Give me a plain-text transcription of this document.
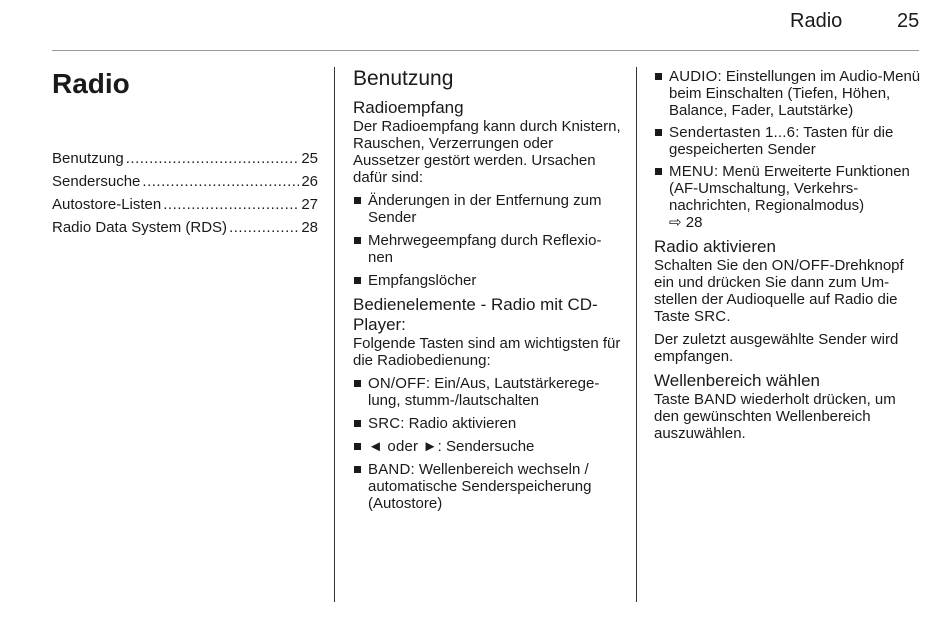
Radio	25
Radio
Benutzung .....	25
Sendersuche .....	26
Autostore-Listen .....	27
Radio Data System (RDS) .....	28
Benutzung
Radioempfang

Der Radioempfang kann durch Knistern, Rauschen, Verzerrungen oder Aussetzer gestört werden. Ursachen dafür sind:

Änderungen in der Entfernung zum Sender
Mehrwegeempfang durch Reflexionen
Empfangslöcher
Bedienelemente - Radio mit CD-Player:

Folgende Tasten sind am wichtigsten für die Radiobedienung:

ON/OFF: Ein/Aus, Lautstärkeregelung, stumm-/lautschalten
SRC: Radio aktivieren
◄ oder ►: Sendersuche
BAND: Wellenbereich wechseln / automatische Senderspeicherung (Autostore)
AUDIO: Einstellungen im Audio-Menü beim Einschalten (Tiefen, Höhen, Balance, Fader, Lautstärke)
Sendertasten 1...6: Tasten für die gespeicherten Sender
MENU: Menü Erweiterte Funktionen (AF-Umschaltung, Verkehrsnachrichten, Regionalmodus)
⇨ 28
Radio aktivieren

Schalten Sie den ON/OFF-Drehknopf ein und drücken Sie dann zum Umstellen der Audioquelle auf Radio die Taste SRC.

Der zuletzt ausgewählte Sender wird empfangen.

Wellenbereich wählen

Taste BAND wiederholt drücken, um den gewünschten Wellenbereich auszuwählen.
